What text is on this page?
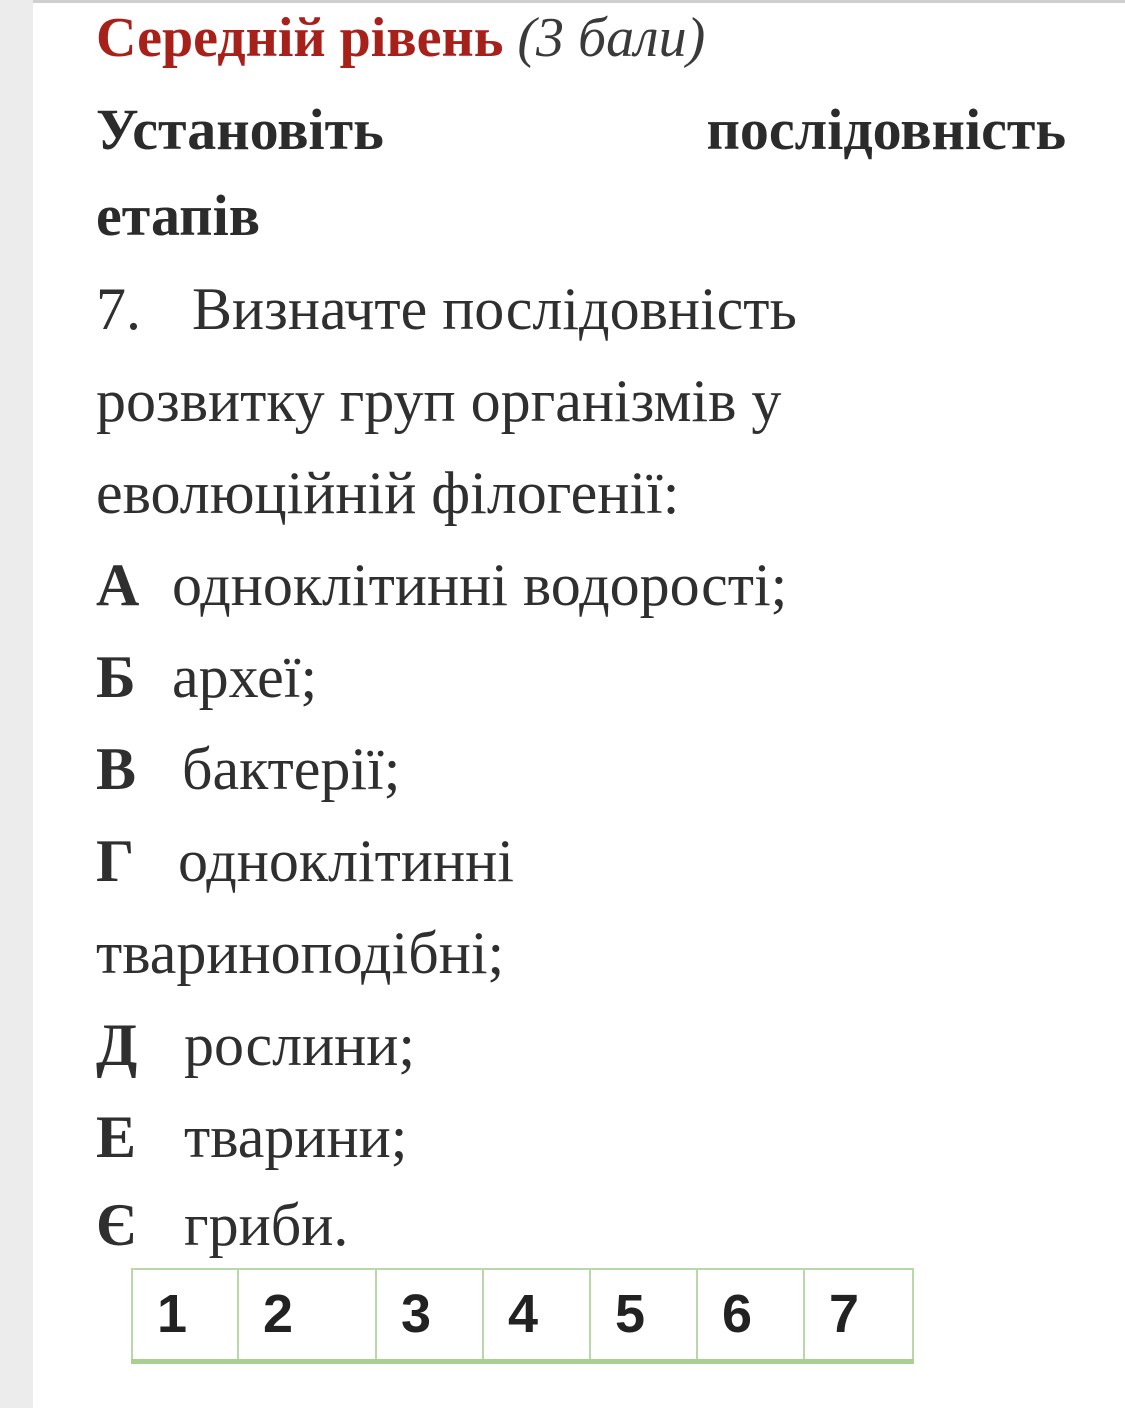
Середній рівень (3 бали)
Установіть	послідовність
етапів
7. Визначте послідовність
розвитку груп організмів у
еволюційній філогенії:
А одноклітинні водорості;
Б археї;
В бактерії;
Г одноклітинні
твариноподібні;
Д рослини;
Е тварини;
Є гриби.
1	2	3	4	5	6	7
